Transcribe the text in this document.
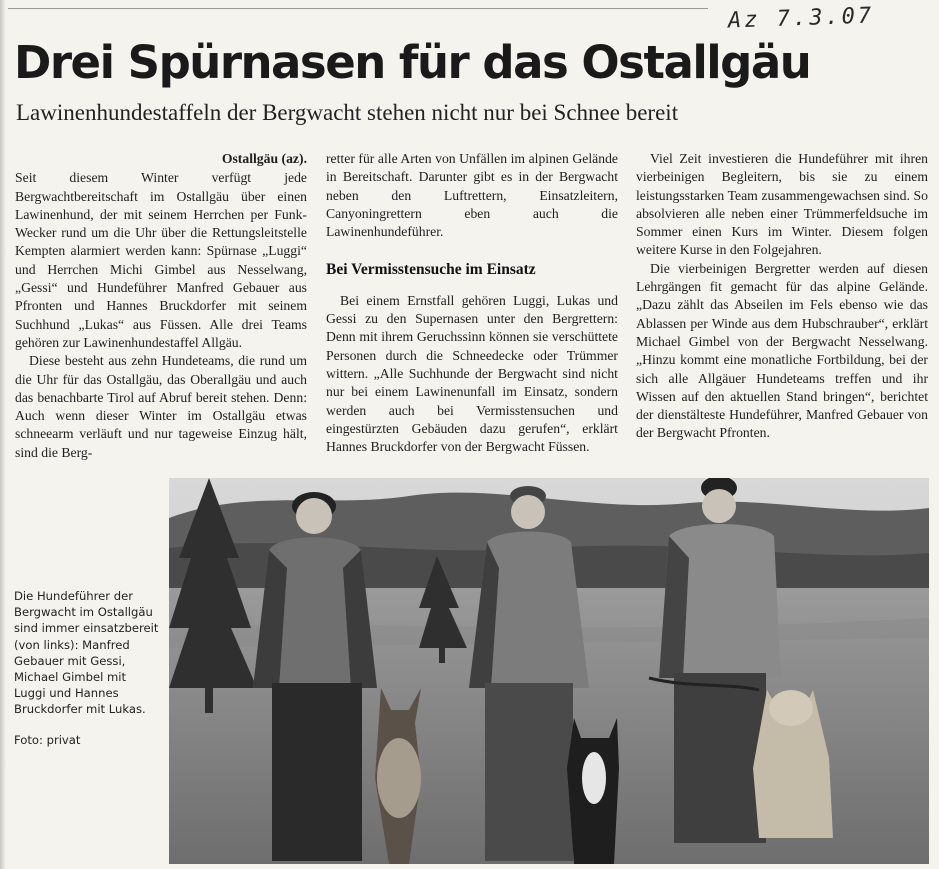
Az 7.3.07
Drei Spürnasen für das Ostallgäu
Lawinenhundestaffeln der Bergwacht stehen nicht nur bei Schnee bereit
Ostallgäu (az).

Seit diesem Winter verfügt jede Bergwachtbereitschaft im Ostallgäu über einen Lawinenhund, der mit seinem Herrchen per Funk-Wecker rund um die Uhr über die Rettungsleitstelle Kempten alarmiert werden kann: Spürnase „Luggi“ und Herrchen Michi Gimbel aus Nesselwang, „Gessi“ und Hundeführer Manfred Gebauer aus Pfronten und Hannes Bruckdorfer mit seinem Suchhund „Lukas“ aus Füssen. Alle drei Teams gehören zur Lawinenhundestaffel Allgäu.

Diese besteht aus zehn Hundeteams, die rund um die Uhr für das Ostallgäu, das Oberallgäu und auch das benachbarte Tirol auf Abruf bereit stehen. Denn: Auch wenn dieser Winter im Ostallgäu etwas schneearm verläuft und nur tageweise Einzug hält, sind die Berg-

retter für alle Arten von Unfällen im alpinen Gelände in Bereitschaft. Darunter gibt es in der Bergwacht neben den Luftrettern, Einsatzleitern, Canyoningrettern eben auch die Lawinenhundeführer.

Bei Vermisstensuche im Einsatz

Bei einem Ernstfall gehören Luggi, Lukas und Gessi zu den Supernasen unter den Bergrettern: Denn mit ihrem Geruchssinn können sie verschüttete Personen durch die Schneedecke oder Trümmer wittern. „Alle Suchhunde der Bergwacht sind nicht nur bei einem Lawinenunfall im Einsatz, sondern werden auch bei Vermisstensuchen und eingestürzten Gebäuden dazu gerufen“, erklärt Hannes Bruckdorfer von der Bergwacht Füssen.

Viel Zeit investieren die Hundeführer mit ihren vierbeinigen Begleitern, bis sie zu einem leistungsstarken Team zusammengewachsen sind. So absolvieren alle neben einer Trümmerfeldsuche im Sommer einen Kurs im Winter. Diesem folgen weitere Kurse in den Folgejahren.

Die vierbeinigen Bergretter werden auf diesen Lehrgängen fit gemacht für das alpine Gelände. „Dazu zählt das Abseilen im Fels ebenso wie das Ablassen per Winde aus dem Hubschrauber“, erklärt Michael Gimbel von der Bergwacht Nesselwang. „Hinzu kommt eine monatliche Fortbildung, bei der sich alle Allgäuer Hundeteams treffen und ihr Wissen auf den aktuellen Stand bringen“, berichtet der dienstälteste Hundeführer, Manfred Gebauer von der Bergwacht Pfronten.

Die Hundeführer der Bergwacht im Ostallgäu sind immer einsatzbereit (von links): Manfred Gebauer mit Gessi, Michael Gimbel mit Luggi und Hannes Bruckdorfer mit Lukas.
Foto: privat
